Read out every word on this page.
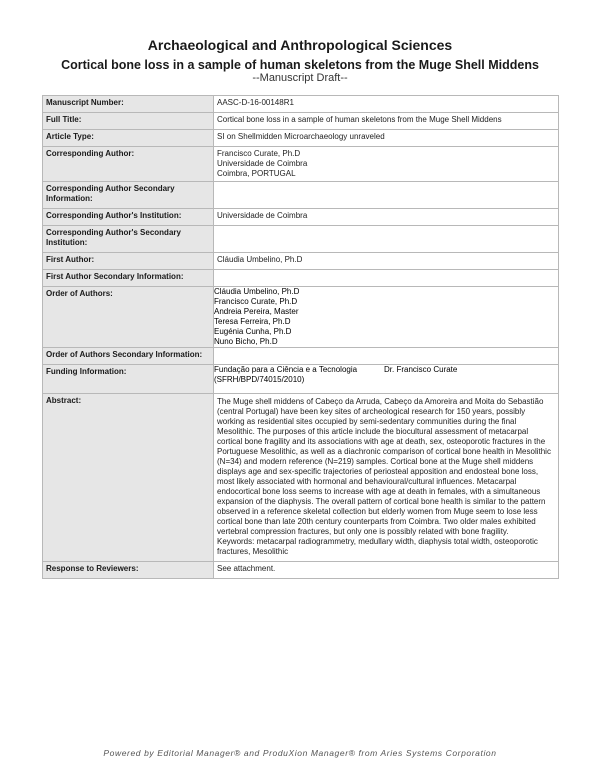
Archaeological and Anthropological Sciences
Cortical bone loss in a sample of human skeletons from the Muge Shell Middens
--Manuscript Draft--
Manuscript Number:	AASC-D-16-00148R1
Full Title:	Cortical bone loss in a sample of human skeletons from the Muge Shell Middens
Article Type:	SI on Shellmidden Microarchaeology unraveled
Corresponding Author:	Francisco Curate, Ph.D
Universidade de Coimbra
Coimbra, PORTUGAL

Corresponding Author Secondary Information:	
Corresponding Author's Institution:	Universidade de Coimbra
Corresponding Author's Secondary Institution:	
First Author:	Cláudia Umbelino, Ph.D
First Author Secondary Information:	
Order of Authors:		Cláudia Umbelino, Ph.D
Francisco Curate, Ph.D
Andreia Pereira, Master
Teresa Ferreira, Ph.D
Eugénia Cunha, Ph.D
Nuno Bicho, Ph.D

Order of Authors Secondary Information:	
Funding Information:		Fundação para a Ciência e a Tecnologia (SFRH/BPD/74015/2010)	Dr. Francisco Curate

Abstract:	The Muge shell middens of Cabeço da Arruda, Cabeço da Amoreira and Moita do Sebastião (central Portugal) have been key sites of archeological research for 150 years, possibly working as residential sites occupied by semi-sedentary communities during the final Mesolithic. The purposes of this article include the biocultural assessment of metacarpal cortical bone fragility and its associations with age at death, sex, osteoporotic fractures in the Portuguese Mesolithic, as well as a diachronic comparison of cortical bone health in Mesolithic (N=34) and modern reference (N=219) samples. Cortical bone at the Muge shell middens displays age and sex-specific trajectories of periosteal apposition and endosteal bone loss, most likely associated with hormonal and behavioural/cultural influences. Metacarpal endocortical bone loss seems to increase with age at death in females, with a simultaneous expansion of the diaphysis. The overall pattern of cortical bone health is similar to the pattern observed in a reference skeletal collection but elderly women from Muge seem to lose less cortical bone than late 20th century counterparts from Coimbra. Two older males exhibited vertebral compression fractures, but only one is possibly related with bone fragility.
Keywords: metacarpal radiogrammetry, medullary width, diaphysis total width, osteoporotic fractures, Mesolithic

Response to Reviewers:	See attachment.
Powered by Editorial Manager® and ProduXion Manager® from Aries Systems Corporation
